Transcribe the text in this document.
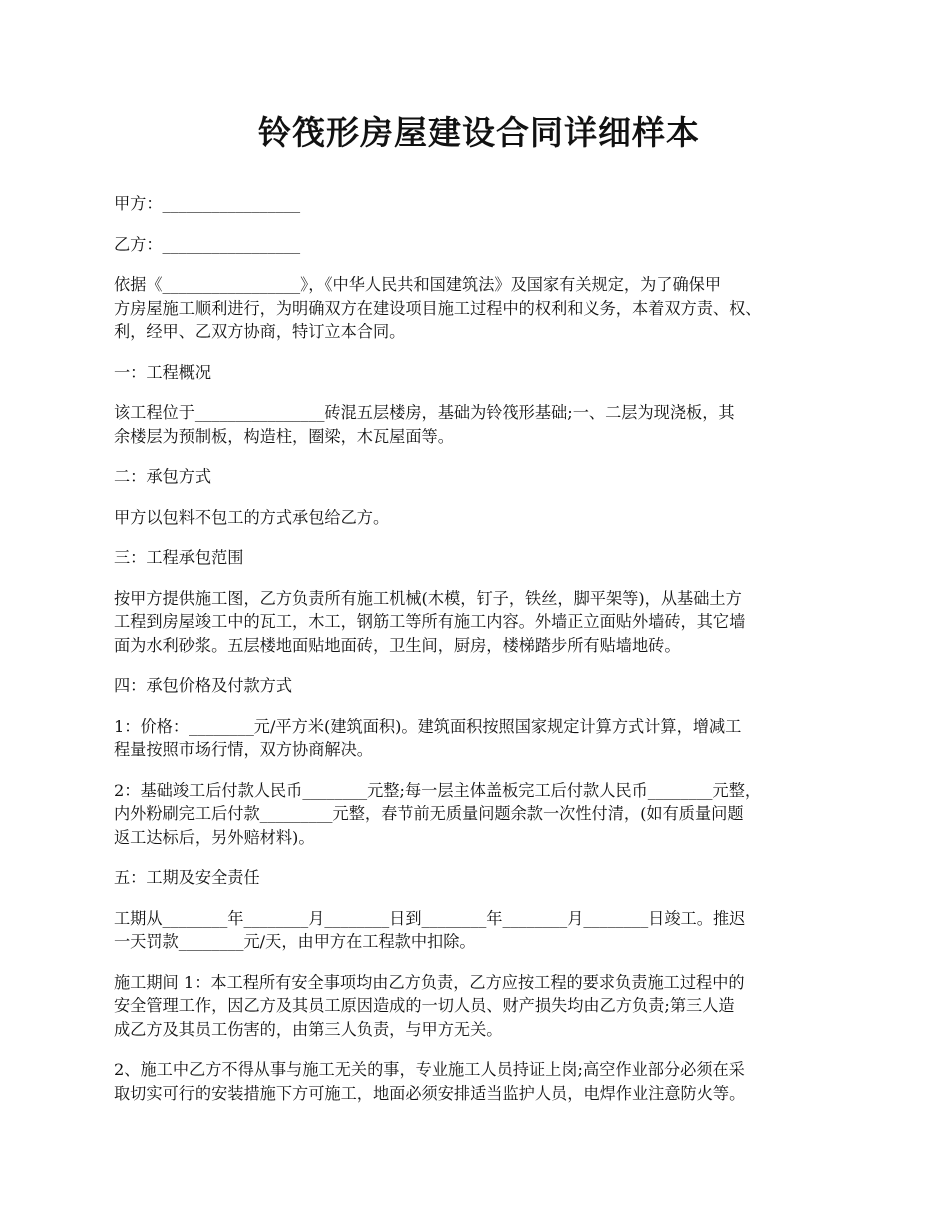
铃筏形房屋建设合同详细样本

甲方：_________________

乙方：_________________

依据《_________________》，《中华人民共和国建筑法》及国家有关规定，为了确保甲
方房屋施工顺利进行，为明确双方在建设项目施工过程中的权利和义务，本着双方责、权、
利，经甲、乙双方协商，特订立本合同。

一：工程概况

该工程位于________________砖混五层楼房，基础为铃筏形基础;一、二层为现浇板，其
余楼层为预制板，构造柱，圈梁，木瓦屋面等。

二：承包方式

甲方以包料不包工的方式承包给乙方。

三：工程承包范围

按甲方提供施工图，乙方负责所有施工机械(木模，钉子，铁丝，脚平架等)，从基础土方
工程到房屋竣工中的瓦工，木工，钢筋工等所有施工内容。外墙正立面贴外墙砖，其它墙
面为水利砂浆。五层楼地面贴地面砖，卫生间，厨房，楼梯踏步所有贴墙地砖。

四：承包价格及付款方式

1：价格：________元/平方米(建筑面积)。建筑面积按照国家规定计算方式计算，增减工
程量按照市场行情，双方协商解决。

2：基础竣工后付款人民币________元整;每一层主体盖板完工后付款人民币________元整，
内外粉刷完工后付款_________元整，春节前无质量问题余款一次性付清，(如有质量问题
返工达标后，另外赔材料)。

五：工期及安全责任

工期从________年________月________日到________年________月________日竣工。推迟
一天罚款________元/天，由甲方在工程款中扣除。

施工期间 1：本工程所有安全事项均由乙方负责，乙方应按工程的要求负责施工过程中的
安全管理工作，因乙方及其员工原因造成的一切人员、财产损失均由乙方负责;第三人造
成乙方及其员工伤害的，由第三人负责，与甲方无关。

2、施工中乙方不得从事与施工无关的事，专业施工人员持证上岗;高空作业部分必须在采
取切实可行的安装措施下方可施工，地面必须安排适当监护人员，电焊作业注意防火等。
